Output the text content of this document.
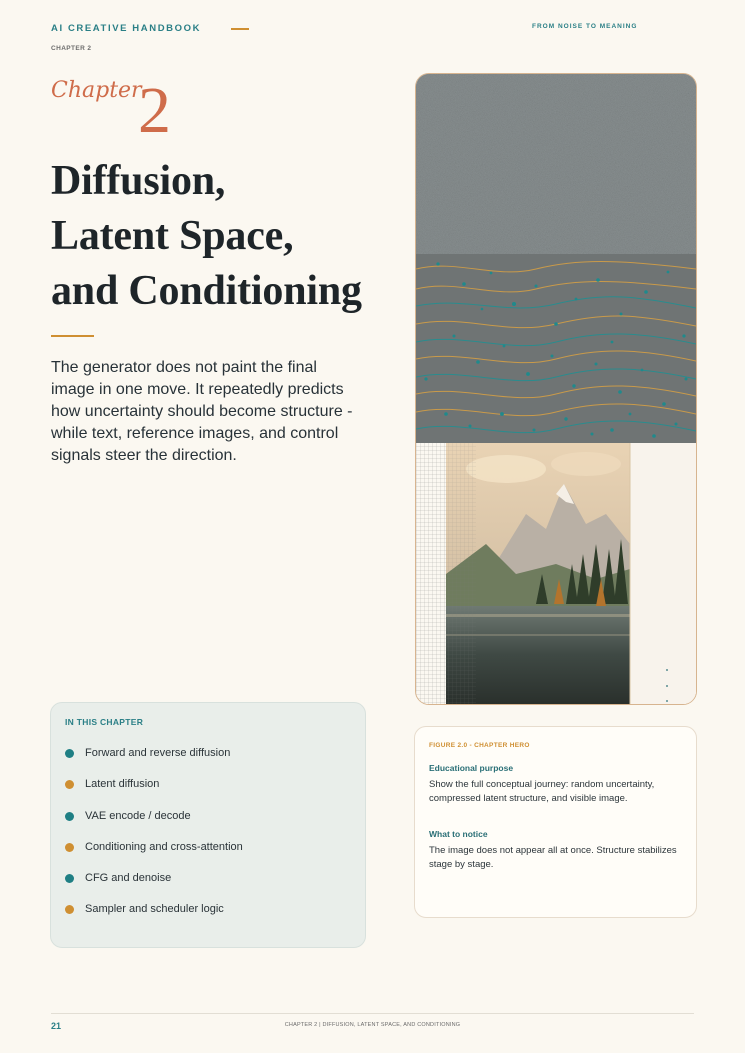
AI CREATIVE HANDBOOK
CHAPTER 2
FROM NOISE TO MEANING
Chapter
2
Diffusion,
Latent Space,
and Conditioning
The generator does not paint the final image in one move. It repeatedly predicts how uncertainty should become structure - while text, reference images, and control signals steer the direction.
IN THIS CHAPTER
Forward and reverse diffusion
Latent diffusion
VAE encode / decode
Conditioning and cross-attention
CFG and denoise
Sampler and scheduler logic
FIGURE 2.0 - CHAPTER HERO
Educational purpose
Show the full conceptual journey: random uncertainty, compressed latent structure, and visible image.
What to notice
The image does not appear all at once. Structure stabilizes stage by stage.
21	CHAPTER 2 | DIFFUSION, LATENT SPACE, AND CONDITIONING
